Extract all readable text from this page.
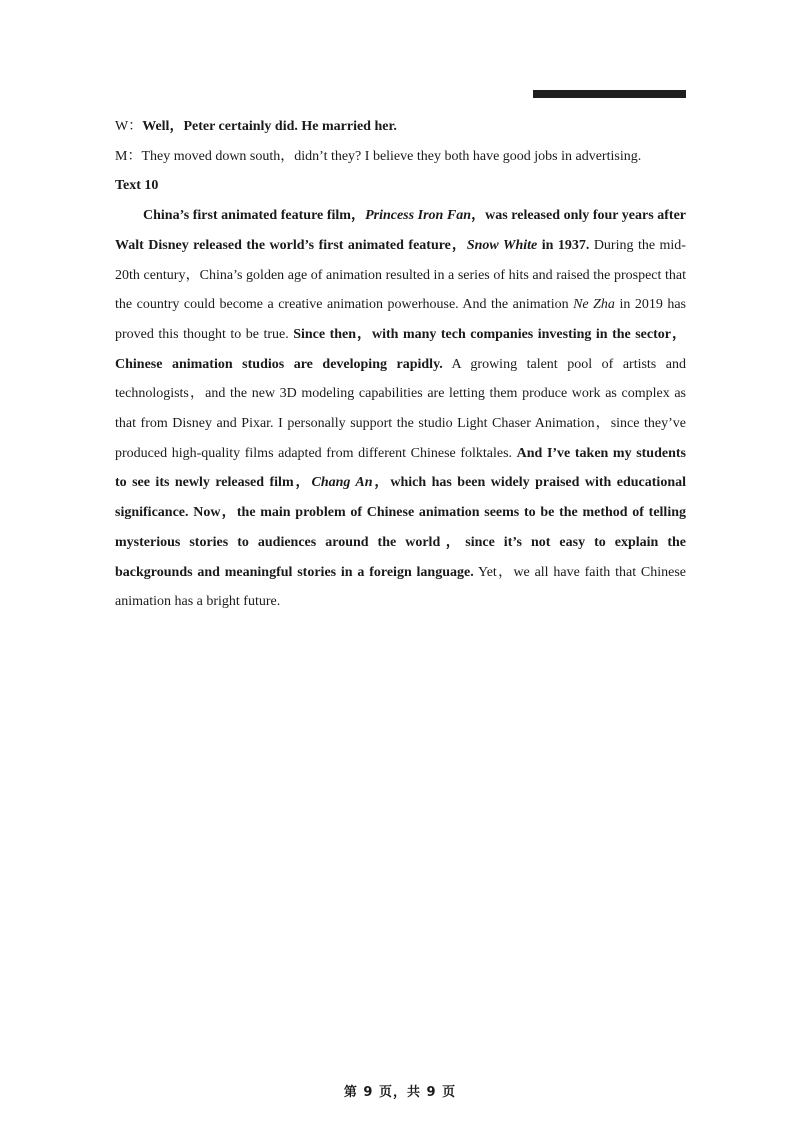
W：Well，Peter certainly did. He married her.

M：They moved down south，didn’t they? I believe they both have good jobs in advertising.

Text 10

China’s first animated feature film，Princess Iron Fan，was released only four years after Walt Disney released the world’s first animated feature，Snow White in 1937. During the mid-20th century，China’s golden age of animation resulted in a series of hits and raised the prospect that the country could become a creative animation powerhouse. And the animation Ne Zha in 2019 has proved this thought to be true. Since then，with many tech companies investing in the sector，Chinese animation studios are developing rapidly. A growing talent pool of artists and technologists，and the new 3D modeling capabilities are letting them produce work as complex as that from Disney and Pixar. I personally support the studio Light Chaser Animation，since they’ve produced high-quality films adapted from different Chinese folktales. And I’ve taken my students to see its newly released film，Chang An，which has been widely praised with educational significance. Now，the main problem of Chinese animation seems to be the method of telling mysterious stories to audiences around the world，since it’s not easy to explain the backgrounds and meaningful stories in a foreign language. Yet，we all have faith that Chinese animation has a bright future.

第 9 页，共 9 页
